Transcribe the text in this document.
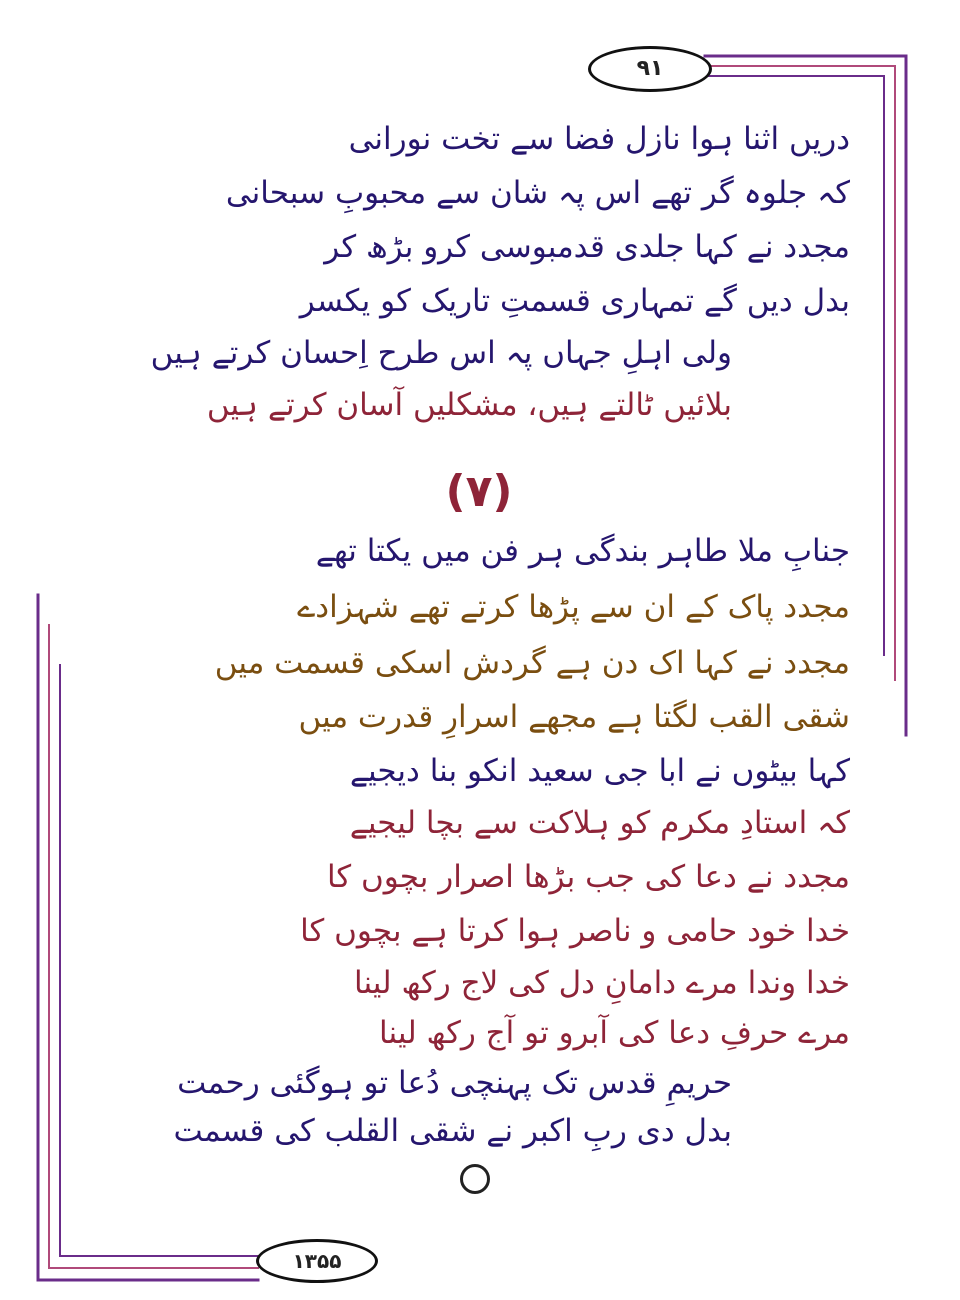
۹۱
دریں اثنا ہوا نازل فضا سے تخت نورانی
کہ جلوہ گر تھے اس پہ شان سے محبوبِ سبحانی
مجدد نے کہا جلدی قدمبوسی کرو بڑھ کر
بدل دیں گے تمہاری قسمتِ تاریک کو یکسر
ولی اہلِ جہاں پہ اس طرح اِحسان کرتے ہیں
بلائیں ٹالتے ہیں، مشکلیں آسان کرتے ہیں
(۷)
جنابِ ملا طاہر بندگی ہر فن میں یکتا تھے
مجدد پاک کے ان سے پڑھا کرتے تھے شہزادے
مجدد نے کہا اک دن ہے گردش اسکی قسمت میں
شقی القب لگتا ہے مجھے اسرارِ قدرت میں
کہا بیٹوں نے ابا جی سعید انکو بنا دیجیے
کہ استادِ مکرم کو ہلاکت سے بچا لیجیے
مجدد نے دعا کی جب بڑھا اصرار بچوں کا
خدا خود حامی و ناصر ہوا کرتا ہے بچوں کا
خدا وندا مرے دامانِ دل کی لاج رکھ لینا
مرے حرفِ دعا کی آبرو تو آج رکھ لینا
حریمِ قدس تک پہنچی دُعا تو ہوگئی رحمت
بدل دی ربِ اکبر نے شقی القلب کی قسمت
۱۳۵۵
